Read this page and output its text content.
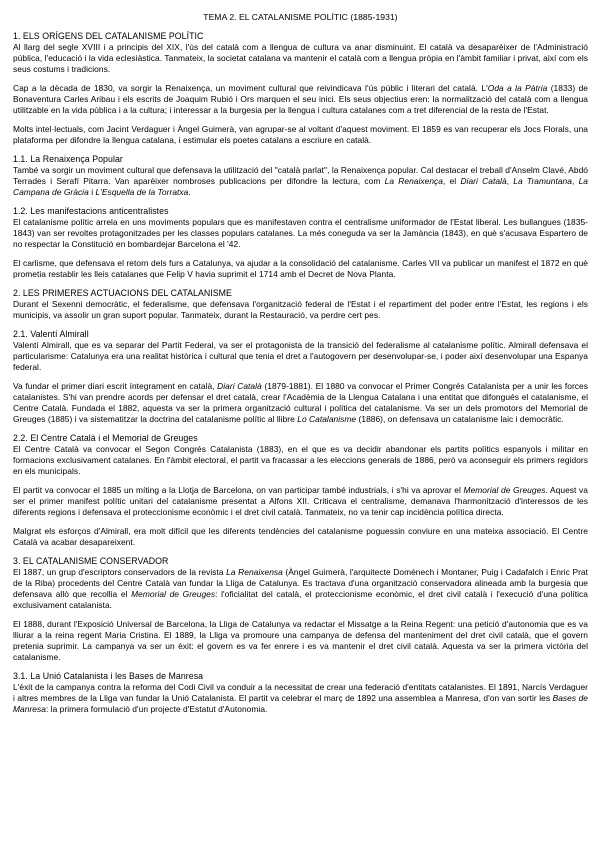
TEMA 2. EL CATALANISME POLÍTIC (1885-1931)
1. ELS ORÍGENS DEL CATALANISME POLÍTIC

Al llarg del segle XVIII i a principis del XIX, l'ús del català com a llengua de cultura va anar disminuint. El català va desaparèixer de l'Administració pública, l'educació i la vida eclesiàstica. Tanmateix, la societat catalana va mantenir el català com a llengua pròpia en l'àmbit familiar i privat, així com els seus costums i tradicions.

Cap a la dècada de 1830, va sorgir la Renaixença, un moviment cultural que reivindicava l'ús públic i literari del català. L'Oda a la Pàtria (1833) de Bonaventura Carles Aribau i els escrits de Joaquim Rubió i Ors marquen el seu inici. Els seus objectius eren: la normalització del català com a llengua utilitzable en la vida pública i a la cultura; i interessar a la burgesia per la llengua i cultura catalanes com a tret diferencial de la resta de l'Estat.

Molts intel·lectuals, com Jacint Verdaguer i Àngel Guimerà, van agrupar-se al voltant d'aquest moviment. El 1859 es van recuperar els Jocs Florals, una plataforma per difondre la llengua catalana, i estimular els poetes catalans a escriure en català.

1.1. La Renaixença Popular

També va sorgir un moviment cultural que defensava la utilització del "català parlat", la Renaixença popular. Cal destacar el treball d'Anselm Clavé, Abdó Terrades i Serafí Pitarra. Van aparèixer nombroses publicacions per difondre la lectura, com La Renaixença, el Diari Català, La Tramuntana, La Campana de Gràcia i L'Esquella de la Torratxa.

1.2. Les manifestacions anticentralistes

El catalanisme polític arrela en uns moviments populars que es manifestaven contra el centralisme uniformador de l'Estat liberal. Les bullangues (1835-1843) van ser revoltes protagonitzades per les classes populars catalanes. La més coneguda va ser la Jamància (1843), en què s'acusava Espartero de no respectar la Constitució en bombardejar Barcelona el '42.

El carlisme, que defensava el retorn dels furs a Catalunya, va ajudar a la consolidació del catalanisme. Carles VII va publicar un manifest el 1872 en què prometia restablir les lleis catalanes que Felip V havia suprimit el 1714 amb el Decret de Nova Planta.

2. LES PRIMERES ACTUACIONS DEL CATALANISME

Durant el Sexenni democràtic, el federalisme, que defensava l'organització federal de l'Estat i el repartiment del poder entre l'Estat, les regions i els municipis, va assolir un gran suport popular. Tanmateix, durant la Restauració, va perdre cert pes.

2.1. Valentí Almirall

Valentí Almirall, que es va separar del Partit Federal, va ser el protagonista de la transició del federalisme al catalanisme polític. Almirall defensava el particularisme: Catalunya era una realitat històrica i cultural que tenia el dret a l'autogovern per desenvolupar-se, i poder així desenvolupar una Espanya federal.

Va fundar el primer diari escrit íntegrament en català, Diari Català (1879-1881). El 1880 va convocar el Primer Congrés Catalanista per a unir les forces catalanistes. S'hi van prendre acords per defensar el dret català, crear l'Acadèmia de la Llengua Catalana i una entitat que difongués el catalanisme, el Centre Català. Fundada el 1882, aquesta va ser la primera organització cultural i política del catalanisme. Va ser un dels promotors del Memorial de Greuges (1885) i va sistematitzar la doctrina del catalanisme polític al llibre Lo Catalanisme (1886), on defensava un catalanisme laic i democràtic.

2.2. El Centre Català i el Memorial de Greuges

El Centre Català va convocar el Segon Congrés Catalanista (1883), en el que es va decidir abandonar els partits polítics espanyols i militar en formacions exclusivament catalanes. En l'àmbit electoral, el partit va fracassar a les eleccions generals de 1886, però va aconseguir els primers regidors en els municipals.

El partit va convocar el 1885 un míting a la Llotja de Barcelona, on van participar també industrials, i s'hi va aprovar el Memorial de Greuges. Aquest va ser el primer manifest polític unitari del catalanisme presentat a Alfons XII. Criticava el centralisme, demanava l'harmonització d'interessos de les diferents regions i defensava el proteccionisme econòmic i el dret civil català. Tanmateix, no va tenir cap incidència política directa.

Malgrat els esforços d'Almirall, era molt difícil que les diferents tendències del catalanisme poguessin conviure en una mateixa associació. El Centre Català va acabar desapareixent.

3. EL CATALANISME CONSERVADOR

El 1887, un grup d'escriptors conservadors de la revista La Renaixensa (Àngel Guimerà, l'arquitecte Domènech i Montaner, Puig i Cadafalch i Enric Prat de la Riba) procedents del Centre Català van fundar la Lliga de Catalunya. Es tractava d'una organització conservadora alineada amb la burgesia que defensava allò que recollia el Memorial de Greuges: l'oficialitat del català, el proteccionisme econòmic, el dret civil català i l'execució d'una política exclusivament catalanista.

El 1888, durant l'Exposició Universal de Barcelona, la Lliga de Catalunya va redactar el Missatge a la Reina Regent: una petició d'autonomia que es va lliurar a la reina regent Maria Cristina. El 1889, la Lliga va promoure una campanya de defensa del manteniment del dret civil català, que el govern pretenia suprimir. La campanya va ser un èxit: el govern es va fer enrere i es va mantenir el dret civil català. Aquesta va ser la primera victòria del catalanisme.

3.1. La Unió Catalanista i les Bases de Manresa

L'èxit de la campanya contra la reforma del Codi Civil va conduir a la necessitat de crear una federació d'entitats catalanistes. El 1891, Narcís Verdaguer i altres membres de la Lliga van fundar la Unió Catalanista. El partit va celebrar el març de 1892 una assemblea a Manresa, d'on van sortir les Bases de Manresa: la primera formulació d'un projecte d'Estatut d'Autonomia.
